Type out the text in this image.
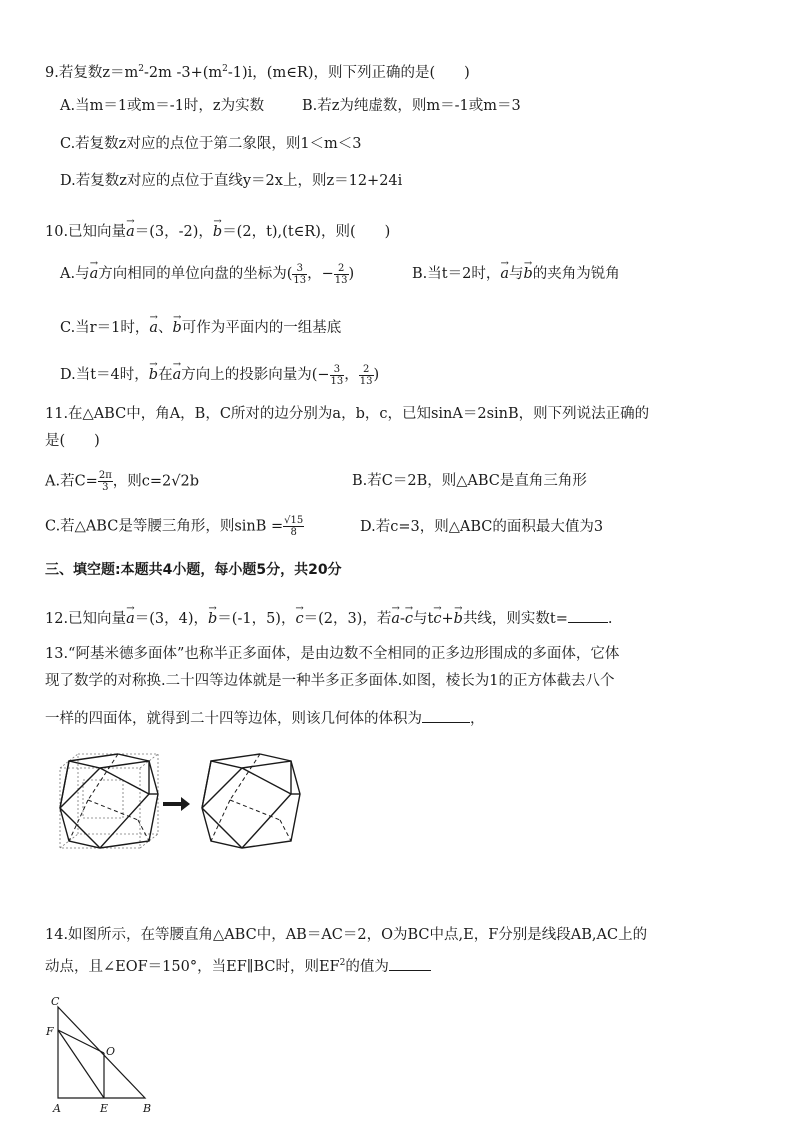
9.若复数$z=m^2-2m$ $-3+(m^2-1)i$，(m∈R)，则下列正确的是(　　)
A.当m＝1或m＝-1时，z为实数	B.若z为纯虚数，则m＝-1或m＝3
C.若复数z对应的点位于第二象限，则1＜m＜3
D.若复数z对应的点位于直线y＝2x上，则z＝12+24i
10.已知向量→ a＝(3，-2)，→ b＝(2，t),(t∈R)，则(　　)
A.与→ a方向相同的单位向盘的坐标为( $\frac{3}{13}$ ，− $\frac{2}{13}$ )	B.当t＝2时，→ a与→ b的夹角为锐角
C.当r＝1时，→ a、→ b可作为平面内的一组基底
D.当t＝4时，→ b在→ a方向上的投影向量为(− $\frac{3}{13}$ ， $\frac{2}{13}$ )
11.在△ABC中，角A，B，C所对的边分别为a，b，c，已知sinA＝2sinB，则下列说法正确的
是(　　)
A.若$C= \frac{2\pi}{3}$ ，则c=2√2b	B.若C＝2B，则△ABC是直角三角形
C.若△ABC是等腰三角形，则$\sin B = \frac{√15}{8}$	D.若c=3，则△ABC的面积最大值为3
三、填空题:本题共4小题，每小题5分，共20分
12.已知向量→ a＝(3，4)，→ b＝(-1，5)，→ c＝(2，3)，若→ a-→ c与t→ c+→ b共线，则实数t=	.
13.“阿基米德多面体”也称半正多面体，是由边数不全相同的正多边形围成的多面体，它体
现了数学的对称换.二十四等边体就是一种半多正多面体.如图，棱长为1的正方体截去八个
一样的四面体，就得到二十四等边体，则该几何体的体积为	，
14.如图所示，在等腰直角△ABC中，AB＝AC＝2，O为BC中点,E，F分别是线段AB,AC上的
动点，且∠EOF＝150°，当EF∥BC时，则$EF^2$的值为
C
F
O
A	E	B
